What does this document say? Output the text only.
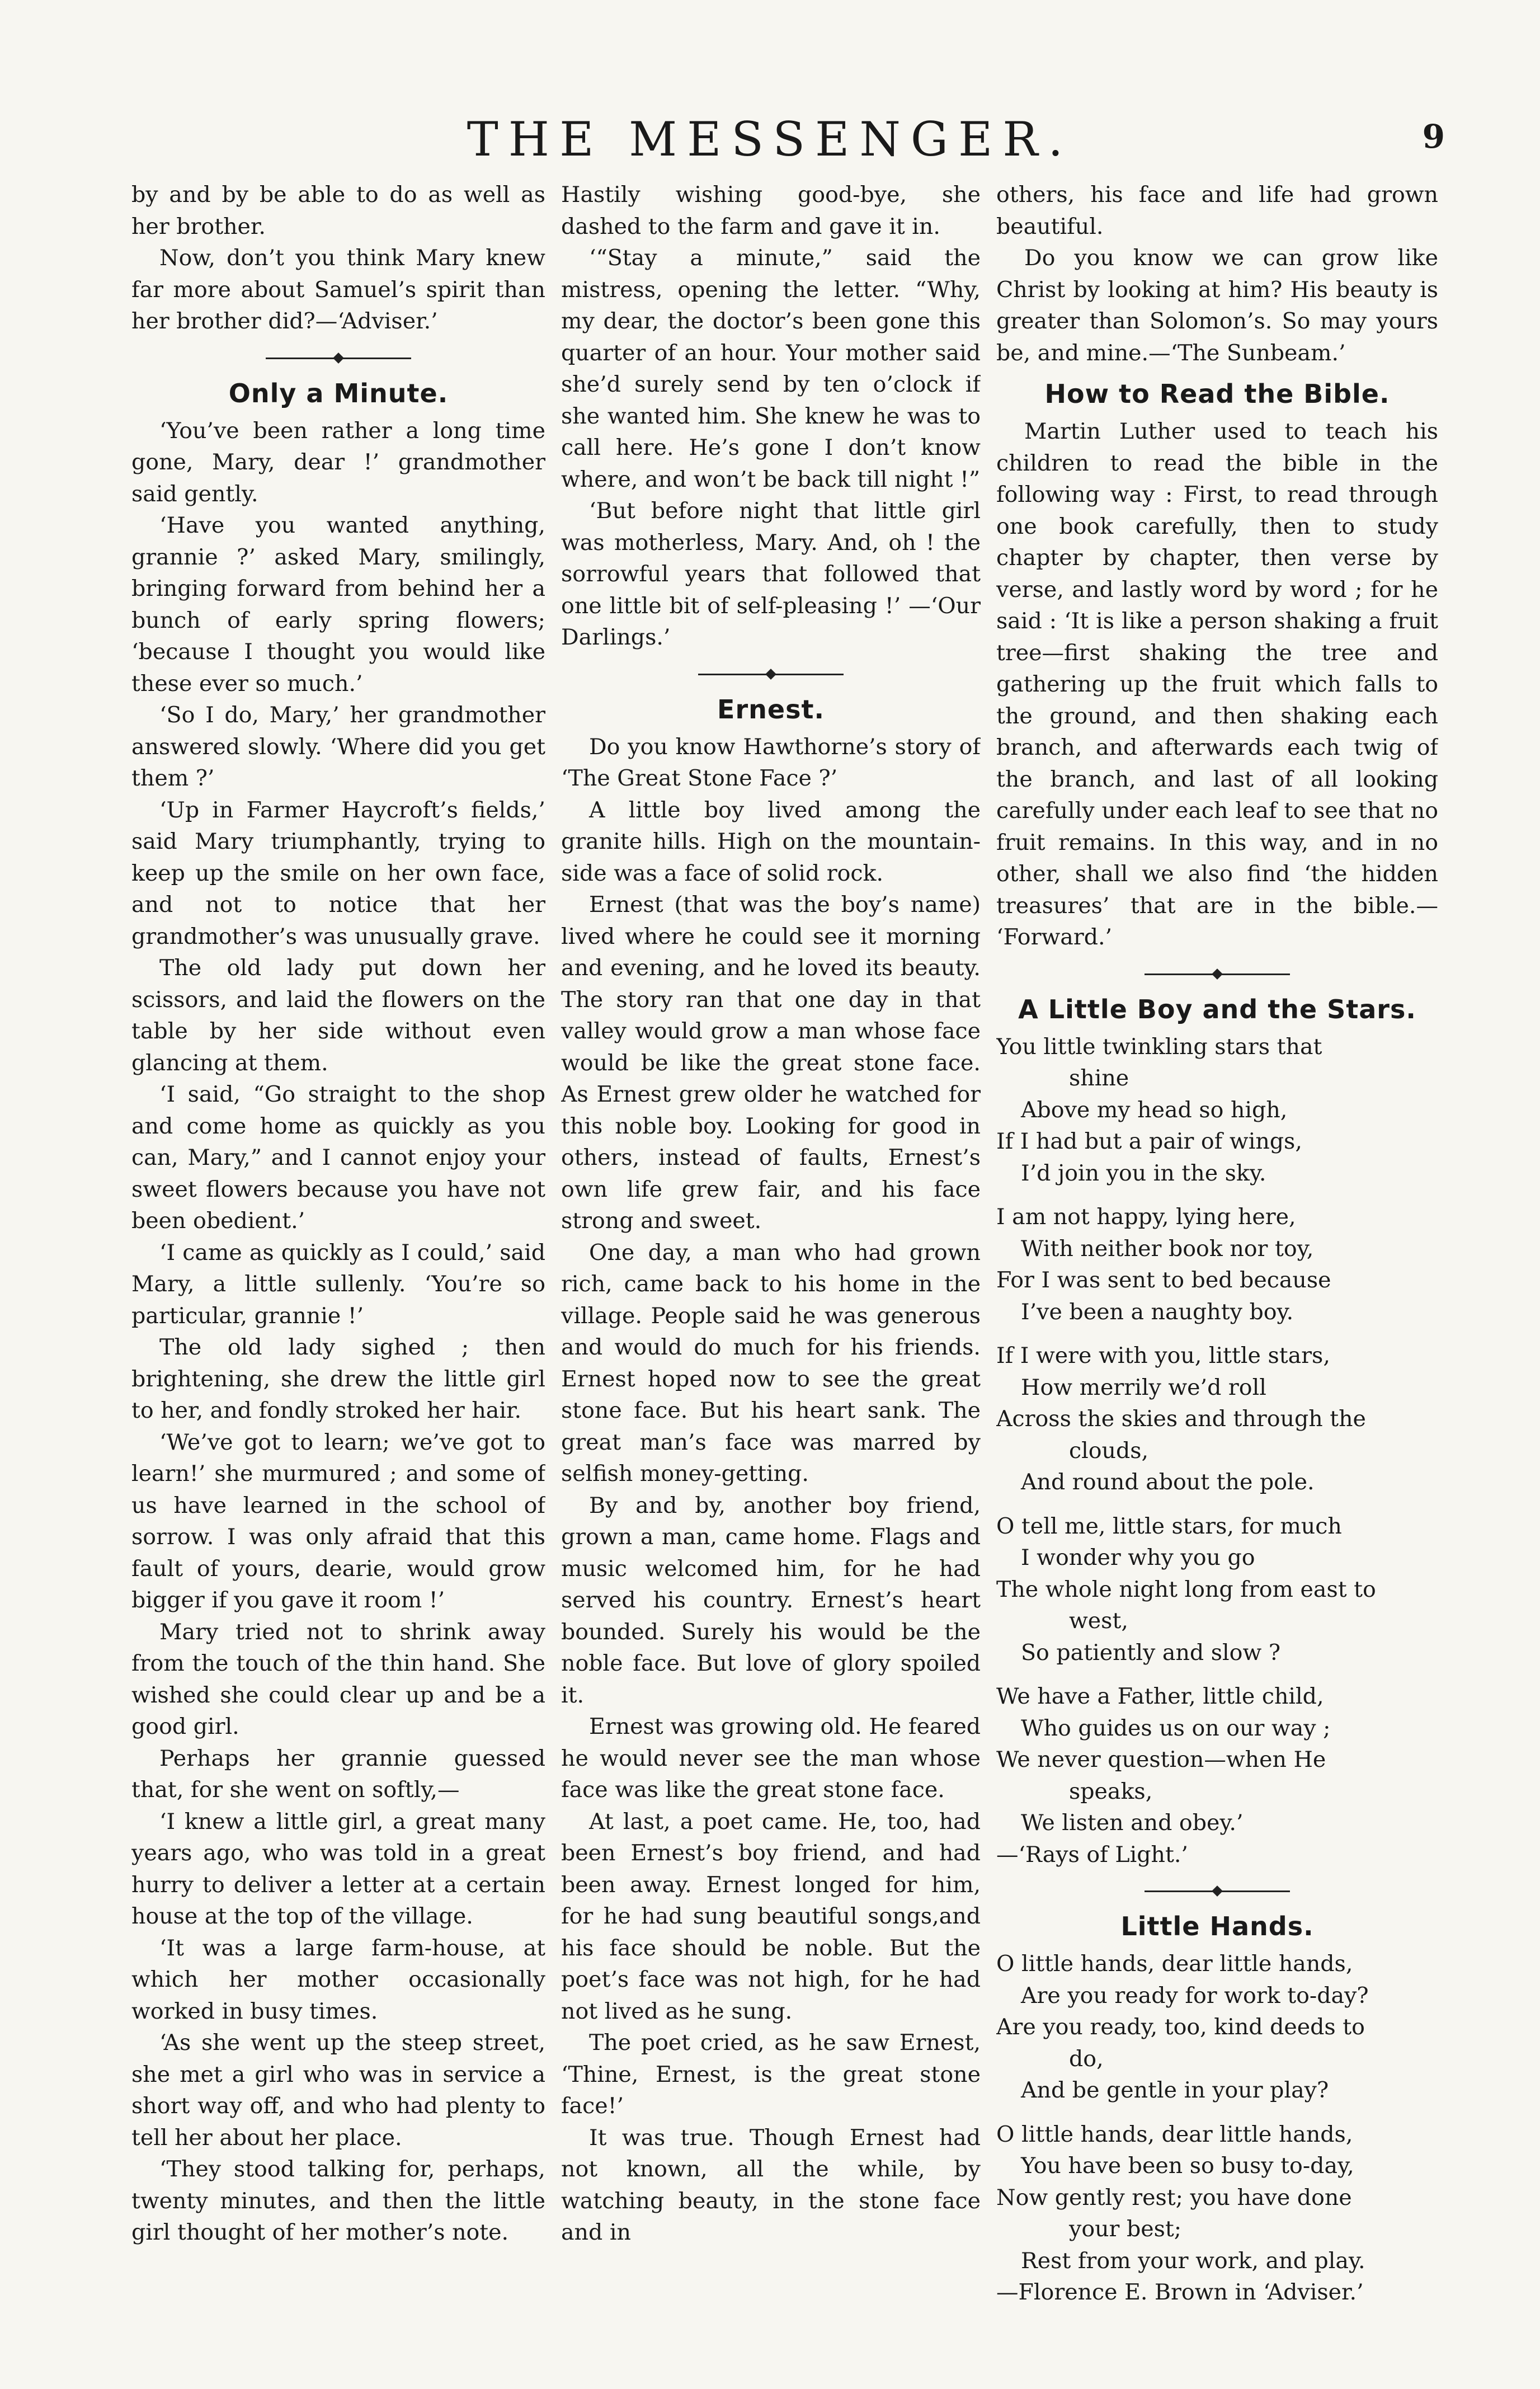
THE MESSENGER.	9

by and by be able to do as well as her brother.

Now, don’t you think Mary knew far more about Samuel’s spirit than her brother did?—‘Adviser.’

Only a Minute.

‘You’ve been rather a long time gone, Mary, dear !’ grandmother said gently.

‘Have you wanted anything, grannie ?’ asked Mary, smilingly, bringing forward from behind her a bunch of early spring flowers; ‘because I thought you would like these ever so much.’

‘So I do, Mary,’ her grandmother answered slowly. ‘Where did you get them ?’

‘Up in Farmer Haycroft’s fields,’ said Mary triumphantly, trying to keep up the smile on her own face, and not to notice that her grandmother’s was unusually grave.

The old lady put down her scissors, and laid the flowers on the table by her side without even glancing at them.

‘I said, “Go straight to the shop and come home as quickly as you can, Mary,” and I cannot enjoy your sweet flowers because you have not been obedient.’

‘I came as quickly as I could,’ said Mary, a little sullenly. ‘You’re so particular, grannie !’

The old lady sighed ; then brightening, she drew the little girl to her, and fondly stroked her hair.

‘We’ve got to learn; we’ve got to learn!’ she murmured ; and some of us have learned in the school of sorrow. I was only afraid that this fault of yours, dearie, would grow bigger if you gave it room !’

Mary tried not to shrink away from the touch of the thin hand. She wished she could clear up and be a good girl.

Perhaps her grannie guessed that, for she went on softly,—

‘I knew a little girl, a great many years ago, who was told in a great hurry to deliver a letter at a certain house at the top of the village.

‘It was a large farm-house, at which her mother occasionally worked in busy times.

‘As she went up the steep street, she met a girl who was in service a short way off, and who had plenty to tell her about her place.

‘They stood talking for, perhaps, twenty minutes, and then the little girl thought of her mother’s note.

Hastily wishing good-bye, she dashed to the farm and gave it in.

‘“Stay a minute,” said the mistress, opening the letter. “Why, my dear, the doctor’s been gone this quarter of an hour. Your mother said she’d surely send by ten o’clock if she wanted him. She knew he was to call here. He’s gone I don’t know where, and won’t be back till night !”

‘But before night that little girl was motherless, Mary. And, oh ! the sorrowful years that followed that one little bit of self-pleasing !’ —‘Our Darlings.’

Ernest.

Do you know Hawthorne’s story of ‘The Great Stone Face ?’

A little boy lived among the granite hills. High on the mountain-side was a face of solid rock.

Ernest (that was the boy’s name) lived where he could see it morning and evening, and he loved its beauty. The story ran that one day in that valley would grow a man whose face would be like the great stone face. As Ernest grew older he watched for this noble boy. Looking for good in others, instead of faults, Ernest’s own life grew fair, and his face strong and sweet.

One day, a man who had grown rich, came back to his home in the village. People said he was generous and would do much for his friends. Ernest hoped now to see the great stone face. But his heart sank. The great man’s face was marred by selfish money-getting.

By and by, another boy friend, grown a man, came home. Flags and music welcomed him, for he had served his country. Ernest’s heart bounded. Surely his would be the noble face. But love of glory spoiled it.

Ernest was growing old. He feared he would never see the man whose face was like the great stone face.

At last, a poet came. He, too, had been Ernest’s boy friend, and had been away. Ernest longed for him, for he had sung beautiful songs,and his face should be noble. But the poet’s face was not high, for he had not lived as he sung.

The poet cried, as he saw Ernest, ‘Thine, Ernest, is the great stone face!’

It was true. Though Ernest had not known, all the while, by watching beauty, in the stone face and in

others, his face and life had grown beautiful.

Do you know we can grow like Christ by looking at him? His beauty is greater than Solomon’s. So may yours be, and mine.—‘The Sunbeam.’

How to Read the Bible.

Martin Luther used to teach his children to read the bible in the following way : First, to read through one book carefully, then to study chapter by chapter, then verse by verse, and lastly word by word ; for he said : ‘It is like a person shaking a fruit tree—first shaking the tree and gathering up the fruit which falls to the ground, and then shaking each branch, and afterwards each twig of the branch, and last of all looking carefully under each leaf to see that no fruit remains. In this way, and in no other, shall we also find ‘the hidden treasures’ that are in the bible.— ‘Forward.’

A Little Boy and the Stars.
You little twinkling stars that
shine
Above my head so high,
If I had but a pair of wings,
I’d join you in the sky.
I am not happy, lying here,
With neither book nor toy,
For I was sent to bed because
I’ve been a naughty boy.
If I were with you, little stars,
How merrily we’d roll
Across the skies and through the
clouds,
And round about the pole.
O tell me, little stars, for much
I wonder why you go
The whole night long from east to
west,
So patiently and slow ?
We have a Father, little child,
Who guides us on our way ;
We never question—when He
speaks,
We listen and obey.’
—‘Rays of Light.’
Little Hands.
O little hands, dear little hands,
Are you ready for work to-day?
Are you ready, too, kind deeds to
do,
And be gentle in your play?
O little hands, dear little hands,
You have been so busy to-day,
Now gently rest; you have done
your best;
Rest from your work, and play.
—Florence E. Brown in ‘Adviser.’
